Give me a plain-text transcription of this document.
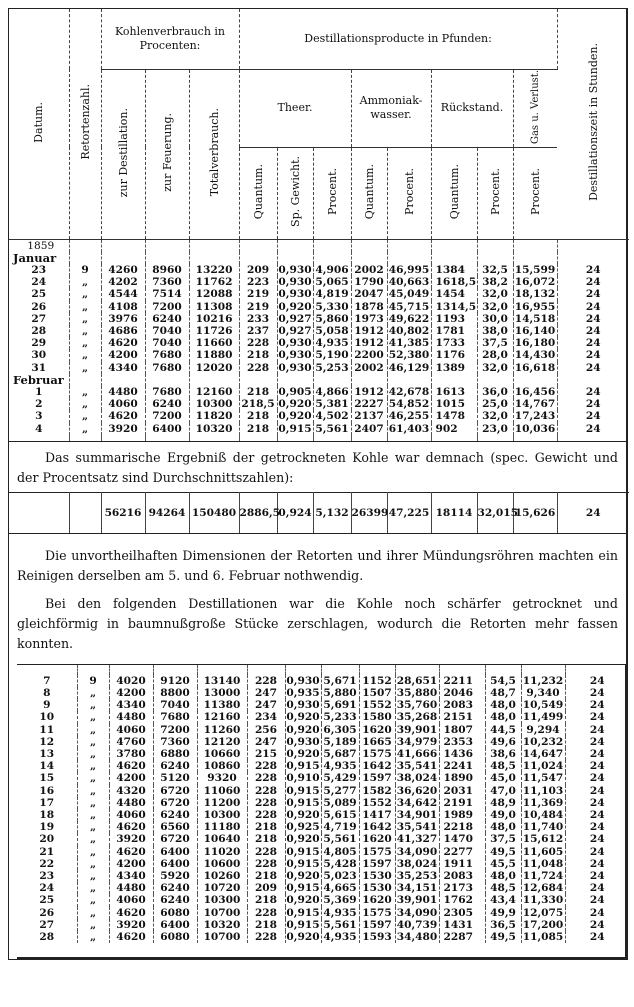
Datum.	Retortenzahl.	Kohlenverbrauch in Procenten:			Destillationsproducte in Pfunden:								Destillationszeit in Stunden.
		zur Destillation.	zur Feuerung.	Totalverbrauch.	Theer.			Ammoniak-wasser.		Rückstand.		Gas u. Verlust.	
					Quantum.	Sp. Gewicht.	Procent.	Quantum.	Procent.	Quantum.	Procent.	Procent.	
1859													
Januar													
23	9	4260	8960	13220	209	0,930	4,906	2002	46,995	1384	32,5	15,599	24
24	„	4202	7360	11762	223	0,930	5,065	1790	40,663	1618,5	38,2	16,072	24
25	„	4544	7514	12088	219	0,930	4,819	2047	45,049	1454	32,0	18,132	24
26	„	4108	7200	11308	219	0,920	5,330	1878	45,715	1314,5	32,0	16,955	24
27	„	3976	6240	10216	233	0,927	5,860	1973	49,622	1193	30,0	14,518	24
28	„	4686	7040	11726	237	0,927	5,058	1912	40,802	1781	38,0	16,140	24
29	„	4620	7040	11660	228	0,930	4,935	1912	41,385	1733	37,5	16,180	24
30	„	4200	7680	11880	218	0,930	5,190	2200	52,380	1176	28,0	14,430	24
31	„	4340	7680	12020	228	0,930	5,253	2002	46,129	1389	32,0	16,618	24
Februar													
1	„	4480	7680	12160	218	0,905	4,866	1912	42,678	1613	36,0	16,456	24
2	„	4060	6240	10300	218,5	0,920	5,381	2227	54,852	1015	25,0	14,767	24
3	„	4620	7200	11820	218	0,920	4,502	2137	46,255	1478	32,0	17,243	24
4	„	3920	6400	10320	218	0,915	5,561	2407	61,403	902	23,0	10,036	24

Das summarische Ergebniß der getrockneten Kohle war demnach (spec. Gewicht und der Procentsatz sind Durchschnittszahlen):

		56216	94264	150480	2886,5	0,924	5,132	26399	47,225	18114	32,015	15,626	24

Die unvortheilhaften Dimensionen der Retorten und ihrer Mündungsröhren machten ein Reinigen derselben am 5. und 6. Februar nothwendig.

Bei den folgenden Destillationen war die Kohle noch schärfer getrocknet und gleichförmig in baumnußgroße Stücke zerschlagen, wodurch die Retorten mehr fassen konnten.

7	9	4020	9120	13140	228	0,930	5,671	1152	28,651	2211	54,5	11,232	24
8	„	4200	8800	13000	247	0,935	5,880	1507	35,880	2046	48,7	9,340	24
9	„	4340	7040	11380	247	0,930	5,691	1552	35,760	2083	48,0	10,549	24
10	„	4480	7680	12160	234	0,920	5,233	1580	35,268	2151	48,0	11,499	24
11	„	4060	7200	11260	256	0,920	6,305	1620	39,901	1807	44,5	9,294	24
12	„	4760	7360	12120	247	0,930	5,189	1665	34,979	2353	49,6	10,232	24
13	„	3780	6880	10660	215	0,920	5,687	1575	41,666	1436	38,6	14,647	24
14	„	4620	6240	10860	228	0,915	4,935	1642	35,541	2241	48,5	11,024	24
15	„	4200	5120	9320	228	0,910	5,429	1597	38,024	1890	45,0	11,547	24
16	„	4320	6720	11060	228	0,915	5,277	1582	36,620	2031	47,0	11,103	24
17	„	4480	6720	11200	228	0,915	5,089	1552	34,642	2191	48,9	11,369	24
18	„	4060	6240	10300	228	0,920	5,615	1417	34,901	1989	49,0	10,484	24
19	„	4620	6560	11180	218	0,925	4,719	1642	35,541	2218	48,0	11,740	24
20	„	3920	6720	10640	218	0,920	5,561	1620	41,327	1470	37,5	15,612	24
21	„	4620	6400	11020	228	0,915	4,805	1575	34,090	2277	49,5	11,605	24
22	„	4200	6400	10600	228	0,915	5,428	1597	38,024	1911	45,5	11,048	24
23	„	4340	5920	10260	218	0,920	5,023	1530	35,253	2083	48,0	11,724	24
24	„	4480	6240	10720	209	0,915	4,665	1530	34,151	2173	48,5	12,684	24
25	„	4060	6240	10300	218	0,920	5,369	1620	39,901	1762	43,4	11,330	24
26	„	4620	6080	10700	228	0,915	4,935	1575	34,090	2305	49,9	12,075	24
27	„	3920	6400	10320	218	0,915	5,561	1597	40,739	1431	36,5	17,200	24
28	„	4620	6080	10700	228	0,920	4,935	1593	34,480	2287	49,5	11,085	24
